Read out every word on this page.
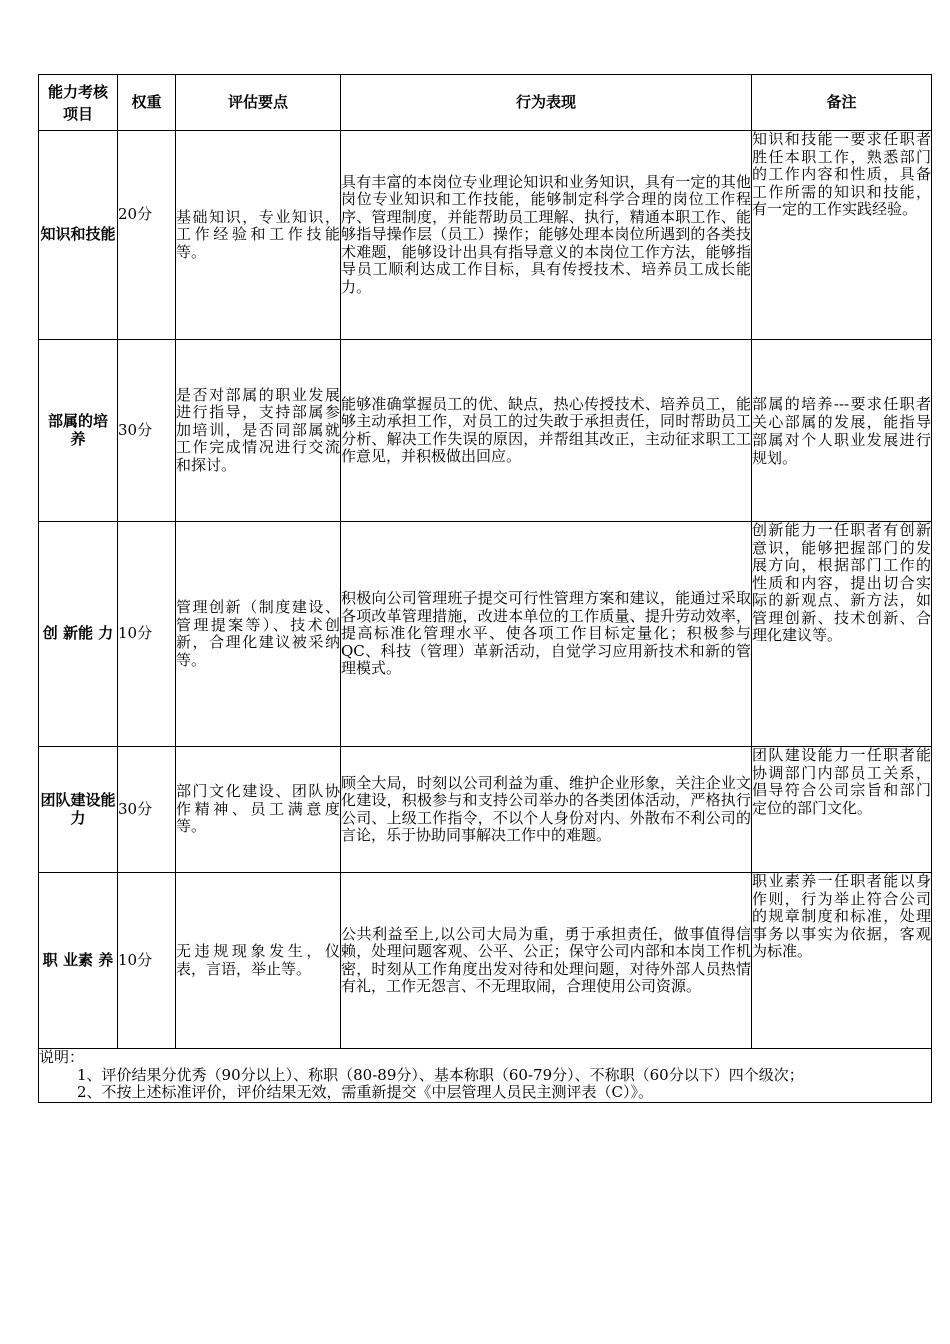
能力考核项目	权重	评估要点	行为表现	备注
知识和技能	20分	基础知识，专业知识，工作经验和工作技能等。	具有丰富的本岗位专业理论知识和业务知识，具有一定的其他岗位专业知识和工作技能，能够制定科学合理的岗位工作程序、管理制度，并能帮助员工理解、执行，精通本职工作、能够指导操作层（员工）操作；能够处理本岗位所遇到的各类技术难题，能够设计出具有指导意义的本岗位工作方法，能够指导员工顺利达成工作目标，具有传授技术、培养员工成长能力。	知识和技能一要求任职者胜任本职工作，熟悉部门的工作内容和性质，具备工作所需的知识和技能，有一定的工作实践经验。
部属的培 养	30分	是否对部属的职业发展进行指导，支持部属参加培训，是否同部属就工作完成情况进行交流和探讨。	能够准确掌握员工的优、缺点，热心传授技术、培养员工，能够主动承担工作，对员工的过失敢于承担责任，同时帮助员工分析、解决工作失误的原因，并帮组其改正，主动征求职工工作意见，并积极做出回应。	部属的培养---要求任职者关心部属的发展，能指导部属对个人职业发展进行规划。
创 新能 力	10分	管理创新（制度建设、管理提案等）、技术创新，合理化建议被采纳等。	积极向公司管理班子提交可行性管理方案和建议，能通过采取各项改革管理措施，改进本单位的工作质量、提升劳动效率，提高标准化管理水平、使各项工作目标定量化；积极参与QC、科技（管理）革新活动，自觉学习应用新技术和新的管理模式。	创新能力一任职者有创新意识，能够把握部门的发展方向，根据部门工作的性质和内容，提出切合实际的新观点、新方法，如管理创新、技术创新、合理化建议等。
团队建设能力	30分	部门文化建设、团队协作精神、员工满意度等。	顾全大局，时刻以公司利益为重、维护企业形象，关注企业文化建设，积极参与和支持公司举办的各类团体活动，严格执行公司、上级工作指令，不以个人身份对内、外散布不利公司的言论，乐于协助同事解决工作中的难题。	团队建设能力一任职者能协调部门内部员工关系，倡导符合公司宗旨和部门定位的部门文化。
职 业素 养	10分	无违规现象发生，仪表，言语，举止等。	公共利益至上,以公司大局为重，勇于承担责任，做事值得信赖，处理问题客观、公平、公正；保守公司内部和本岗工作机密，时刻从工作角度出发对待和处理问题，对待外部人员热情有礼，工作无怨言、不无理取闹，合理使用公司资源。	职业素养一任职者能以身作则，行为举止符合公司的规章制度和标准，处理事务以事实为依据，客观为标准。

说明：
1、评价结果分优秀（90分以上）、称职（80-89分）、基本称职（60-79分）、不称职（60分以下）四个级次；
2、不按上述标准评价，评价结果无效，需重新提交《中层管理人员民主测评表（C）》。				
